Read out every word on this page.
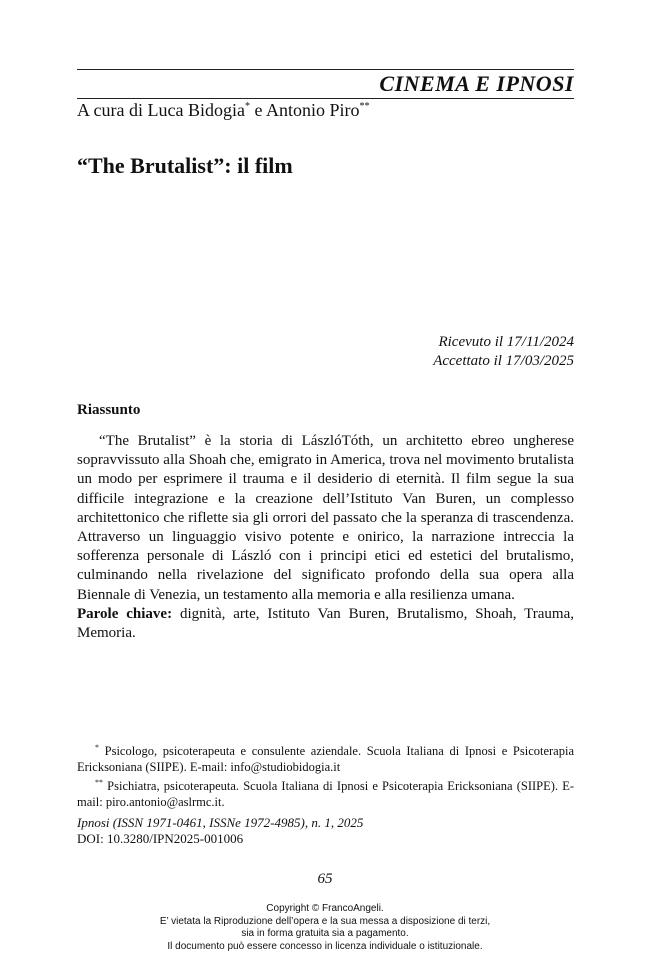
CINEMA E IPNOSI
A cura di Luca Bidogia* e Antonio Piro**
“The Brutalist”: il film
Ricevuto il 17/11/2024
Accettato il 17/03/2025
Riassunto

“The Brutalist” è la storia di LászlóTóth, un architetto ebreo ungherese sopravvissuto alla Shoah che, emigrato in America, trova nel movimento brutalista un modo per esprimere il trauma e il desiderio di eternità. Il film segue la sua difficile integrazione e la creazione dell’Istituto Van Buren, un complesso architettonico che riflette sia gli orrori del passato che la speranza di trascendenza. Attraverso un linguaggio visivo potente e onirico, la narrazione intreccia la sofferenza personale di László con i principi etici ed estetici del brutalismo, culminando nella rivelazione del significato profondo della sua opera alla Biennale di Venezia, un testamento alla memoria e alla resilienza umana.

Parole chiave: dignità, arte, Istituto Van Buren, Brutalismo, Shoah, Trauma, Memoria.

* Psicologo, psicoterapeuta e consulente aziendale. Scuola Italiana di Ipnosi e Psicoterapia Ericksoniana (SIIPE). E-mail: info@studiobidogia.it

** Psichiatra, psicoterapeuta. Scuola Italiana di Ipnosi e Psicoterapia Ericksoniana (SIIPE). E-mail: piro.antonio@aslrmc.it.

Ipnosi (ISSN 1971-0461, ISSNe 1972-4985), n. 1, 2025
DOI: 10.3280/IPN2025-001006
65
Copyright © FrancoAngeli.
E’ vietata la Riproduzione dell’opera e la sua messa a disposizione di terzi,
sia in forma gratuita sia a pagamento.
Il documento può essere concesso in licenza individuale o istituzionale.
